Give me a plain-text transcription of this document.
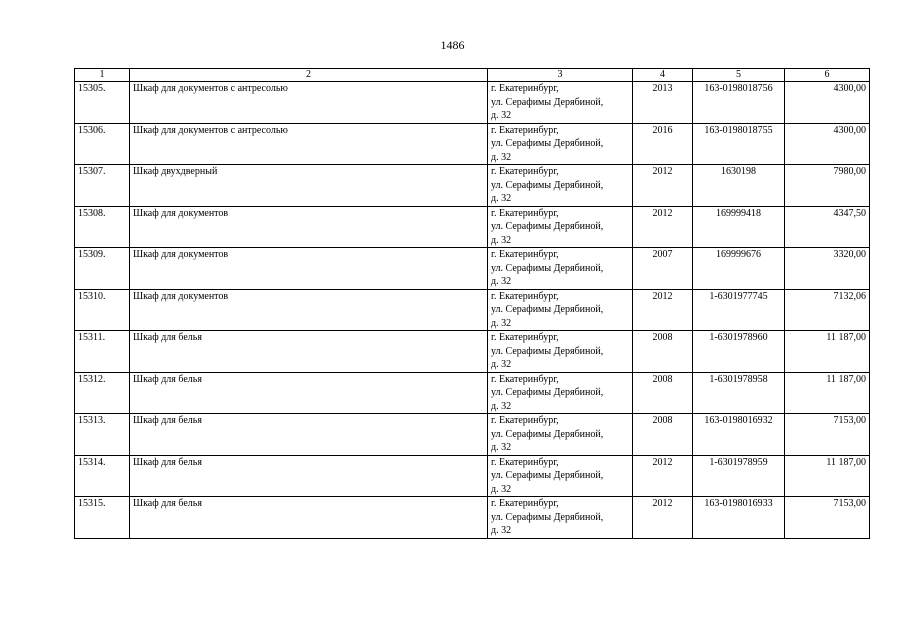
1486
1	2	3	4	5	6
15305.	Шкаф для документов с антресолью	г. Екатеринбург,
ул. Серафимы Дерябиной,
д. 32	2013	163-0198018756	4300,00
15306.	Шкаф для документов с антресолью	г. Екатеринбург,
ул. Серафимы Дерябиной,
д. 32	2016	163-0198018755	4300,00
15307.	Шкаф двухдверный	г. Екатеринбург,
ул. Серафимы Дерябиной,
д. 32	2012	1630198	7980,00
15308.	Шкаф для документов	г. Екатеринбург,
ул. Серафимы Дерябиной,
д. 32	2012	169999418	4347,50
15309.	Шкаф для документов	г. Екатеринбург,
ул. Серафимы Дерябиной,
д. 32	2007	169999676	3320,00
15310.	Шкаф для документов	г. Екатеринбург,
ул. Серафимы Дерябиной,
д. 32	2012	1-6301977745	7132,06
15311.	Шкаф для белья	г. Екатеринбург,
ул. Серафимы Дерябиной,
д. 32	2008	1-6301978960	11 187,00
15312.	Шкаф для белья	г. Екатеринбург,
ул. Серафимы Дерябиной,
д. 32	2008	1-6301978958	11 187,00
15313.	Шкаф для белья	г. Екатеринбург,
ул. Серафимы Дерябиной,
д. 32	2008	163-0198016932	7153,00
15314.	Шкаф для белья	г. Екатеринбург,
ул. Серафимы Дерябиной,
д. 32	2012	1-6301978959	11 187,00
15315.	Шкаф для белья	г. Екатеринбург,
ул. Серафимы Дерябиной,
д. 32	2012	163-0198016933	7153,00
